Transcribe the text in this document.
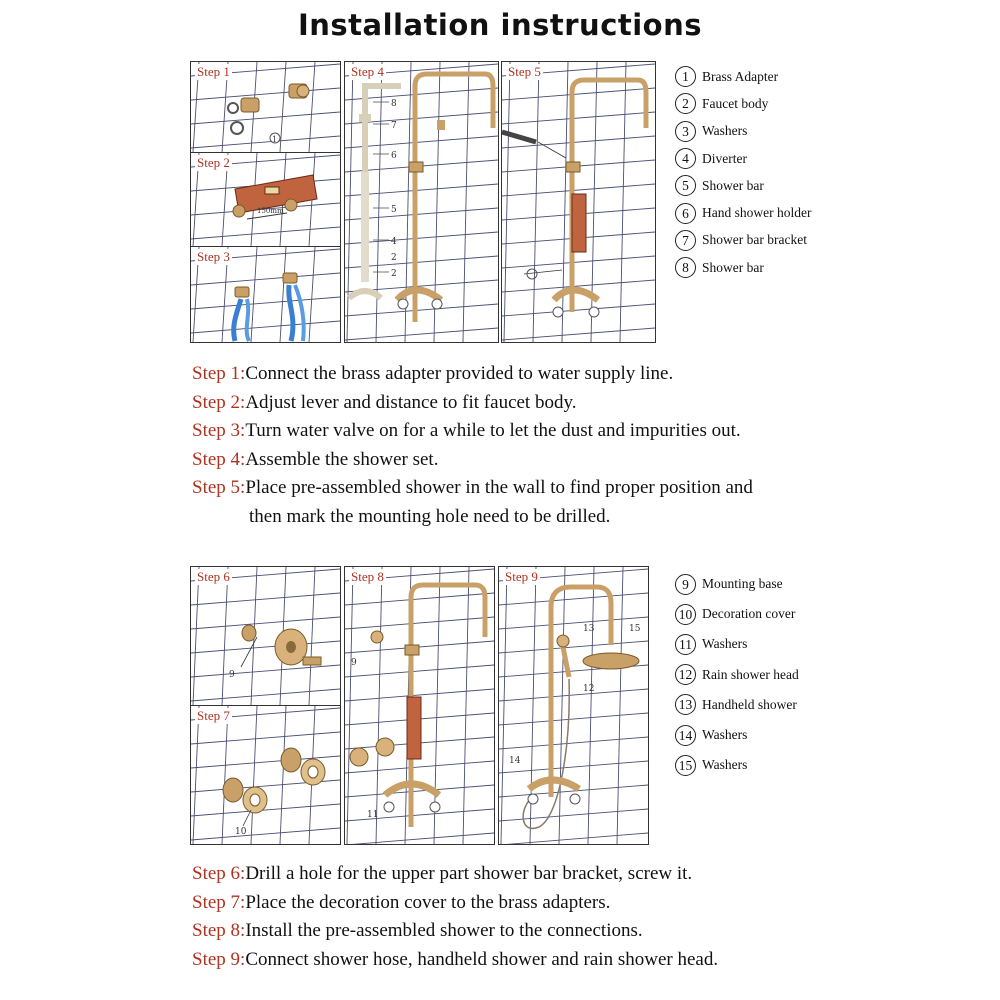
Installation instructions
Step 1
1
Step 2
150mm
Step 3
Step 4
8
7
6
5
4
2
2
Step 5	1 Brass Adapter
2 Faucet body
3 Washers
4 Diverter
5 Shower bar
6 Hand shower holder
7 Shower bar bracket
8 Shower bar
Step 1:Connect the brass adapter provided to water supply line.
Step 2:Adjust lever and distance to fit faucet body.
Step 3:Turn water valve on for a while to let the dust and impurities out.
Step 4:Assemble the shower set.
Step 5:Place pre-assembled shower in the wall to find proper position and
then mark the mounting hole need to be drilled.
Step 6
9
Step 7
10
Step 8
9
11
Step 9
13	15
12
14
9 Mounting base
10 Decoration cover
11 Washers
12 Rain shower head
13 Handheld shower
14 Washers
15 Washers
Step 6:Drill a hole for the upper part shower bar bracket, screw it.
Step 7:Place the decoration cover to the brass adapters.
Step 8:Install the pre-assembled shower to the connections.
Step 9:Connect shower hose, handheld shower and rain shower head.
